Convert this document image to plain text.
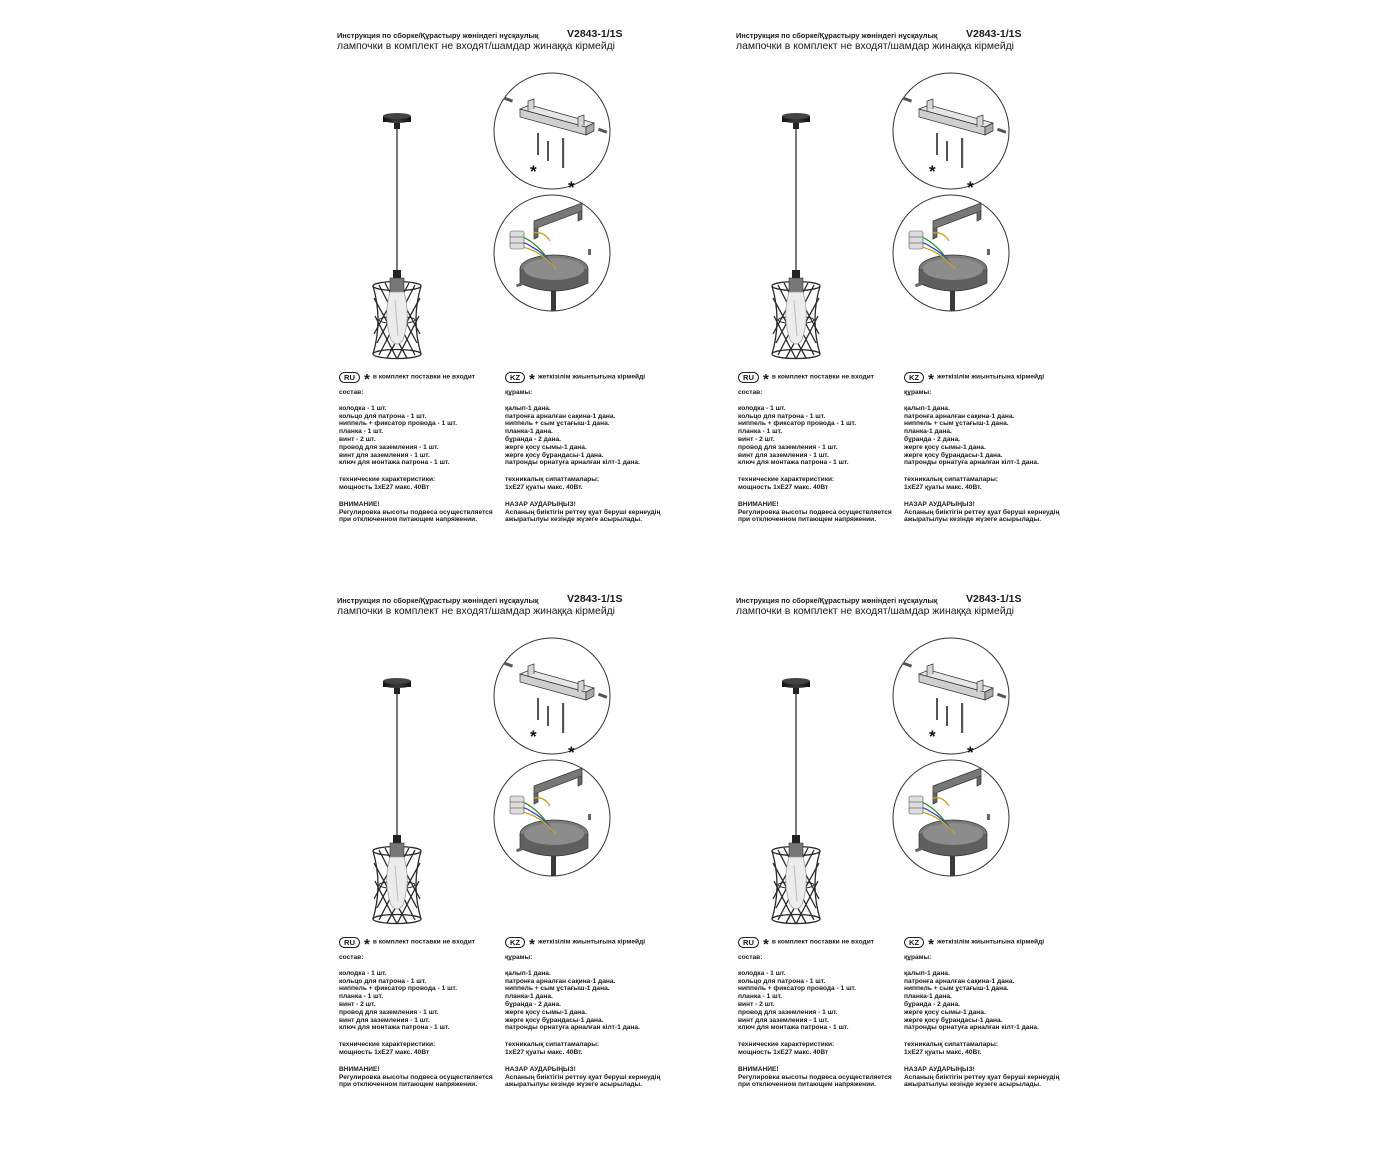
Инструкция по сборке/Құрастыру жөніндегі нұсқаулық	V2843-1/1S
лампочки в комплект не входят/шамдар жинаққа кірмейді
*
*
RU * в комплект поставки не входит
состав:
колодка - 1 шт.
кольцо для патрона - 1 шт.
ниппель + фиксатор провода - 1 шт.
планка - 1 шт.
винт - 2 шт.
провод для заземления - 1 шт.
винт для заземления - 1 шт.
ключ для монтажа патрона - 1 шт.
технические характеристики:
мощность 1xE27 макс. 40Вт
ВНИМАНИЕ!
Регулировка высоты подвеса осуществляется
при отключенном питающем напряжении.
KZ * жеткізілім жиынтығына кірмейді
құрамы:
қалып-1 дана.
патронға арналған сақина-1 дана.
ниппель + сым ұстағыш-1 дана.
планка-1 дана.
бұранда - 2 дана.
жерге қосу сымы-1 дана.
жерге қосу бұрандасы-1 дана.
патронды орнатуға арналған кілт-1 дана.
техникалық сипаттамалары:
1xE27 қуаты макс. 40Вт.
НАЗАР АУДАРЫҢЫЗ!
Аспаның биіктігін реттеу қуат беруші кернеудің
ажыратылуы кезінде жүзеге асырылады.
Инструкция по сборке/Құрастыру жөніндегі нұсқаулық	V2843-1/1S
лампочки в комплект не входят/шамдар жинаққа кірмейді
*
*
RU * в комплект поставки не входит
состав:
колодка - 1 шт.
кольцо для патрона - 1 шт.
ниппель + фиксатор провода - 1 шт.
планка - 1 шт.
винт - 2 шт.
провод для заземления - 1 шт.
винт для заземления - 1 шт.
ключ для монтажа патрона - 1 шт.
технические характеристики:
мощность 1xE27 макс. 40Вт
ВНИМАНИЕ!
Регулировка высоты подвеса осуществляется
при отключенном питающем напряжении.
KZ * жеткізілім жиынтығына кірмейді
құрамы:
қалып-1 дана.
патронға арналған сақина-1 дана.
ниппель + сым ұстағыш-1 дана.
планка-1 дана.
бұранда - 2 дана.
жерге қосу сымы-1 дана.
жерге қосу бұрандасы-1 дана.
патронды орнатуға арналған кілт-1 дана.
техникалық сипаттамалары:
1xE27 қуаты макс. 40Вт.
НАЗАР АУДАРЫҢЫЗ!
Аспаның биіктігін реттеу қуат беруші кернеудің
ажыратылуы кезінде жүзеге асырылады.
Инструкция по сборке/Құрастыру жөніндегі нұсқаулық	V2843-1/1S
лампочки в комплект не входят/шамдар жинаққа кірмейді
*
*
RU * в комплект поставки не входит
состав:
колодка - 1 шт.
кольцо для патрона - 1 шт.
ниппель + фиксатор провода - 1 шт.
планка - 1 шт.
винт - 2 шт.
провод для заземления - 1 шт.
винт для заземления - 1 шт.
ключ для монтажа патрона - 1 шт.
технические характеристики:
мощность 1xE27 макс. 40Вт
ВНИМАНИЕ!
Регулировка высоты подвеса осуществляется
при отключенном питающем напряжении.
KZ * жеткізілім жиынтығына кірмейді
құрамы:
қалып-1 дана.
патронға арналған сақина-1 дана.
ниппель + сым ұстағыш-1 дана.
планка-1 дана.
бұранда - 2 дана.
жерге қосу сымы-1 дана.
жерге қосу бұрандасы-1 дана.
патронды орнатуға арналған кілт-1 дана.
техникалық сипаттамалары:
1xE27 қуаты макс. 40Вт.
НАЗАР АУДАРЫҢЫЗ!
Аспаның биіктігін реттеу қуат беруші кернеудің
ажыратылуы кезінде жүзеге асырылады.
Инструкция по сборке/Құрастыру жөніндегі нұсқаулық	V2843-1/1S
лампочки в комплект не входят/шамдар жинаққа кірмейді
*
*
RU * в комплект поставки не входит
состав:
колодка - 1 шт.
кольцо для патрона - 1 шт.
ниппель + фиксатор провода - 1 шт.
планка - 1 шт.
винт - 2 шт.
провод для заземления - 1 шт.
винт для заземления - 1 шт.
ключ для монтажа патрона - 1 шт.
технические характеристики:
мощность 1xE27 макс. 40Вт
ВНИМАНИЕ!
Регулировка высоты подвеса осуществляется
при отключенном питающем напряжении.
KZ * жеткізілім жиынтығына кірмейді
құрамы:
қалып-1 дана.
патронға арналған сақина-1 дана.
ниппель + сым ұстағыш-1 дана.
планка-1 дана.
бұранда - 2 дана.
жерге қосу сымы-1 дана.
жерге қосу бұрандасы-1 дана.
патронды орнатуға арналған кілт-1 дана.
техникалық сипаттамалары:
1xE27 қуаты макс. 40Вт.
НАЗАР АУДАРЫҢЫЗ!
Аспаның биіктігін реттеу қуат беруші кернеудің
ажыратылуы кезінде жүзеге асырылады.
